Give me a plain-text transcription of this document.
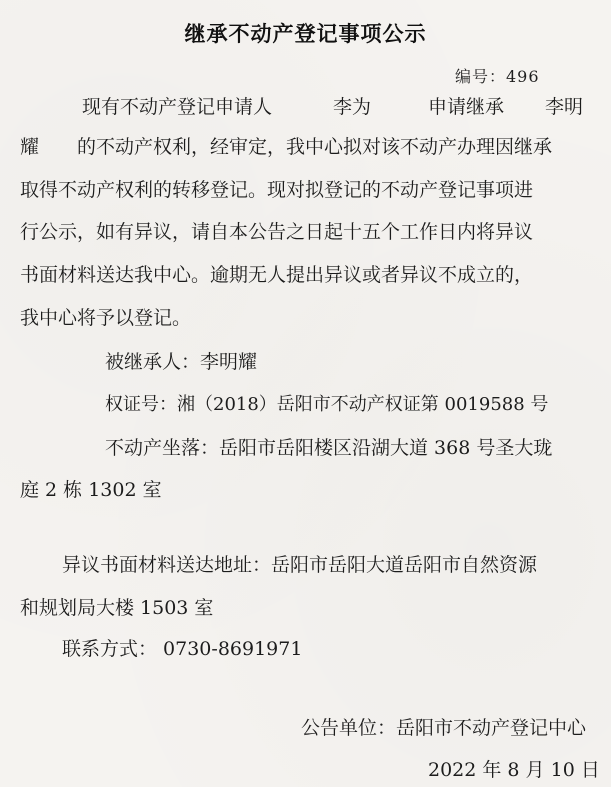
继承不动产登记事项公示
编号：496
现有不动产登记申请人	李为	申请继承 李明
耀 的不动产权利，经审定，我中心拟对该不动产办理因继承
取得不动产权利的转移登记。现对拟登记的不动产登记事项进
行公示，如有异议，请自本公告之日起十五个工作日内将异议
书面材料送达我中心。逾期无人提出异议或者异议不成立的，
我中心将予以登记。
被继承人：李明耀
权证号：湘（2018）岳阳市不动产权证第 0019588 号
不动产坐落：岳阳市岳阳楼区沿湖大道 368 号圣大珑
庭 2 栋 1302 室
异议书面材料送达地址：岳阳市岳阳大道岳阳市自然资源
和规划局大楼 1503 室
联系方式： 0730-8691971
公告单位：岳阳市不动产登记中心
2022 年 8 月 10 日
